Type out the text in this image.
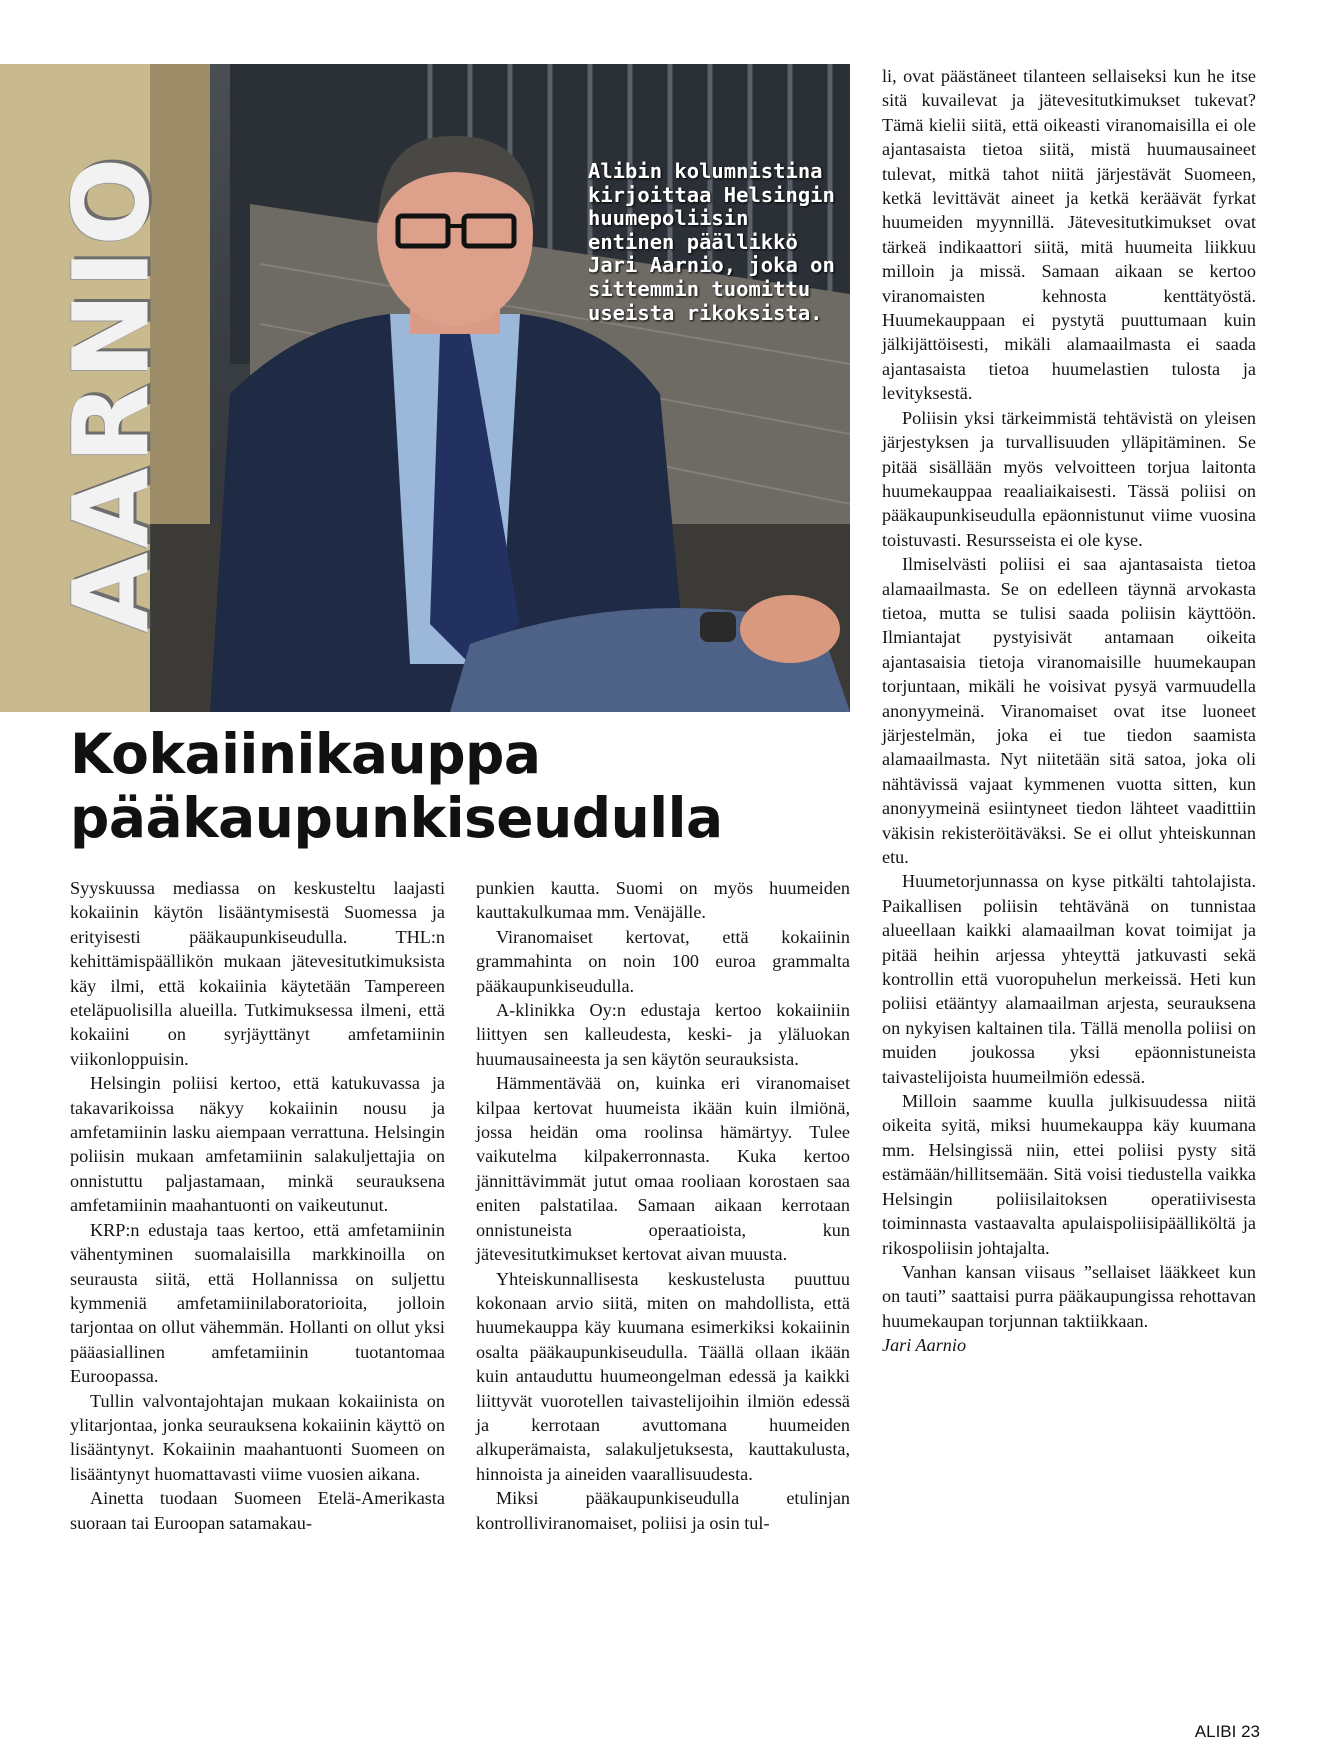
AARNIO	Alibin kolumnistina kirjoittaa Helsingin huumepoliisin entinen päällikkö Jari Aarnio, joka on sittemmin tuomittu useista rikoksista.
Kokaiinikauppa
pääkaupunkiseudulla

Syyskuussa mediassa on keskusteltu laajasti kokaiinin käytön lisääntymisestä Suomessa ja erityisesti pääkaupunkiseudulla. THL:n kehittämispäällikön mukaan jätevesitutkimuksista käy ilmi, että kokaiinia käytetään Tampereen eteläpuolisilla alueilla. Tutkimuksessa ilmeni, että kokaiini on syrjäyttänyt amfetamiinin viikonloppuisin.

Helsingin poliisi kertoo, että katukuvassa ja takavarikoissa näkyy kokaiinin nousu ja amfetamiinin lasku aiempaan verrattuna. Helsingin poliisin mukaan amfetamiinin salakuljettajia on onnistuttu paljastamaan, minkä seurauksena amfetamiinin maahantuonti on vaikeutunut.

KRP:n edustaja taas kertoo, että amfetamiinin vähentyminen suomalaisilla markkinoilla on seurausta siitä, että Hollannissa on suljettu kymmeniä amfetamiinilaboratorioita, jolloin tarjontaa on ollut vähemmän. Hollanti on ollut yksi pääasiallinen amfetamiinin tuotantomaa Euroopassa.

Tullin valvontajohtajan mukaan kokaiinista on ylitarjontaa, jonka seurauksena kokaiinin käyttö on lisääntynyt. Kokaiinin maahantuonti Suomeen on lisääntynyt huomattavasti viime vuosien aikana.

Ainetta tuodaan Suomeen Etelä-Amerikasta suoraan tai Euroopan satamakau-

punkien kautta. Suomi on myös huumeiden kauttakulkumaa mm. Venäjälle.

Viranomaiset kertovat, että kokaiinin grammahinta on noin 100 euroa grammalta pääkaupunkiseudulla.

A-klinikka Oy:n edustaja kertoo kokaiiniin liittyen sen kalleudesta, keski- ja yläluokan huumausaineesta ja sen käytön seurauksista.

Hämmentävää on, kuinka eri viranomaiset kilpaa kertovat huumeista ikään kuin ilmiönä, jossa heidän oma roolinsa hämärtyy. Tulee vaikutelma kilpakerronnasta. Kuka kertoo jännittävimmät jutut omaa rooliaan korostaen saa eniten palstatilaa. Samaan aikaan kerrotaan onnistuneista operaatioista, kun jätevesitutkimukset kertovat aivan muusta.

Yhteiskunnallisesta keskustelusta puuttuu kokonaan arvio siitä, miten on mahdollista, että huumekauppa käy kuumana esimerkiksi kokaiinin osalta pääkaupunkiseudulla. Täällä ollaan ikään kuin antauduttu huumeongelman edessä ja kaikki liittyvät vuorotellen taivastelijoihin ilmiön edessä ja kerrotaan avuttomana huumeiden alkuperämaista, salakuljetuksesta, kauttakulusta, hinnoista ja aineiden vaarallisuudesta.

Miksi pääkaupunkiseudulla etulinjan kontrolliviranomaiset, poliisi ja osin tul-

li, ovat päästäneet tilanteen sellaiseksi kun he itse sitä kuvailevat ja jätevesitutkimukset tukevat? Tämä kielii siitä, että oikeasti viranomaisilla ei ole ajantasaista tietoa siitä, mistä huumausaineet tulevat, mitkä tahot niitä järjestävät Suomeen, ketkä levittävät aineet ja ketkä keräävät fyrkat huumeiden myynnillä. Jätevesitutkimukset ovat tärkeä indikaattori siitä, mitä huumeita liikkuu milloin ja missä. Samaan aikaan se kertoo viranomaisten kehnosta kenttätyöstä. Huumekauppaan ei pystytä puuttumaan kuin jälkijättöisesti, mikäli alamaailmasta ei saada ajantasaista tietoa huumelastien tulosta ja levityksestä.

Poliisin yksi tärkeimmistä tehtävistä on yleisen järjestyksen ja turvallisuuden ylläpitäminen. Se pitää sisällään myös velvoitteen torjua laitonta huumekauppaa reaaliaikaisesti. Tässä poliisi on pääkaupunkiseudulla epäonnistunut viime vuosina toistuvasti. Resursseista ei ole kyse.

Ilmiselvästi poliisi ei saa ajantasaista tietoa alamaailmasta. Se on edelleen täynnä arvokasta tietoa, mutta se tulisi saada poliisin käyttöön. Ilmiantajat pystyisivät antamaan oikeita ajantasaisia tietoja viranomaisille huumekaupan torjuntaan, mikäli he voisivat pysyä varmuudella anonyymeinä. Viranomaiset ovat itse luoneet järjestelmän, joka ei tue tiedon saamista alamaailmasta. Nyt niitetään sitä satoa, joka oli nähtävissä vajaat kymmenen vuotta sitten, kun anonyymeinä esiintyneet tiedon lähteet vaadittiin väkisin rekisteröitäväksi. Se ei ollut yhteiskunnan etu.

Huumetorjunnassa on kyse pitkälti tahtolajista. Paikallisen poliisin tehtävänä on tunnistaa alueellaan kaikki alamaailman kovat toimijat ja pitää heihin arjessa yhteyttä jatkuvasti sekä kontrollin että vuoropuhelun merkeissä. Heti kun poliisi etääntyy alamaailman arjesta, seurauksena on nykyisen kaltainen tila. Tällä menolla poliisi on muiden joukossa yksi epäonnistuneista taivastelijoista huumeilmiön edessä.

Milloin saamme kuulla julkisuudessa niitä oikeita syitä, miksi huumekauppa käy kuumana mm. Helsingissä niin, ettei poliisi pysty sitä estämään/hillitsemään. Sitä voisi tiedustella vaikka Helsingin poliisilaitoksen operatiivisesta toiminnasta vastaavalta apulaispoliisipäälliköltä ja rikospoliisin johtajalta.

Vanhan kansan viisaus ”sellaiset lääkkeet kun on tauti” saattaisi purra pääkaupungissa rehottavan huumekaupan torjunnan taktiikkaan.

Jari Aarnio

ALIBI 23
